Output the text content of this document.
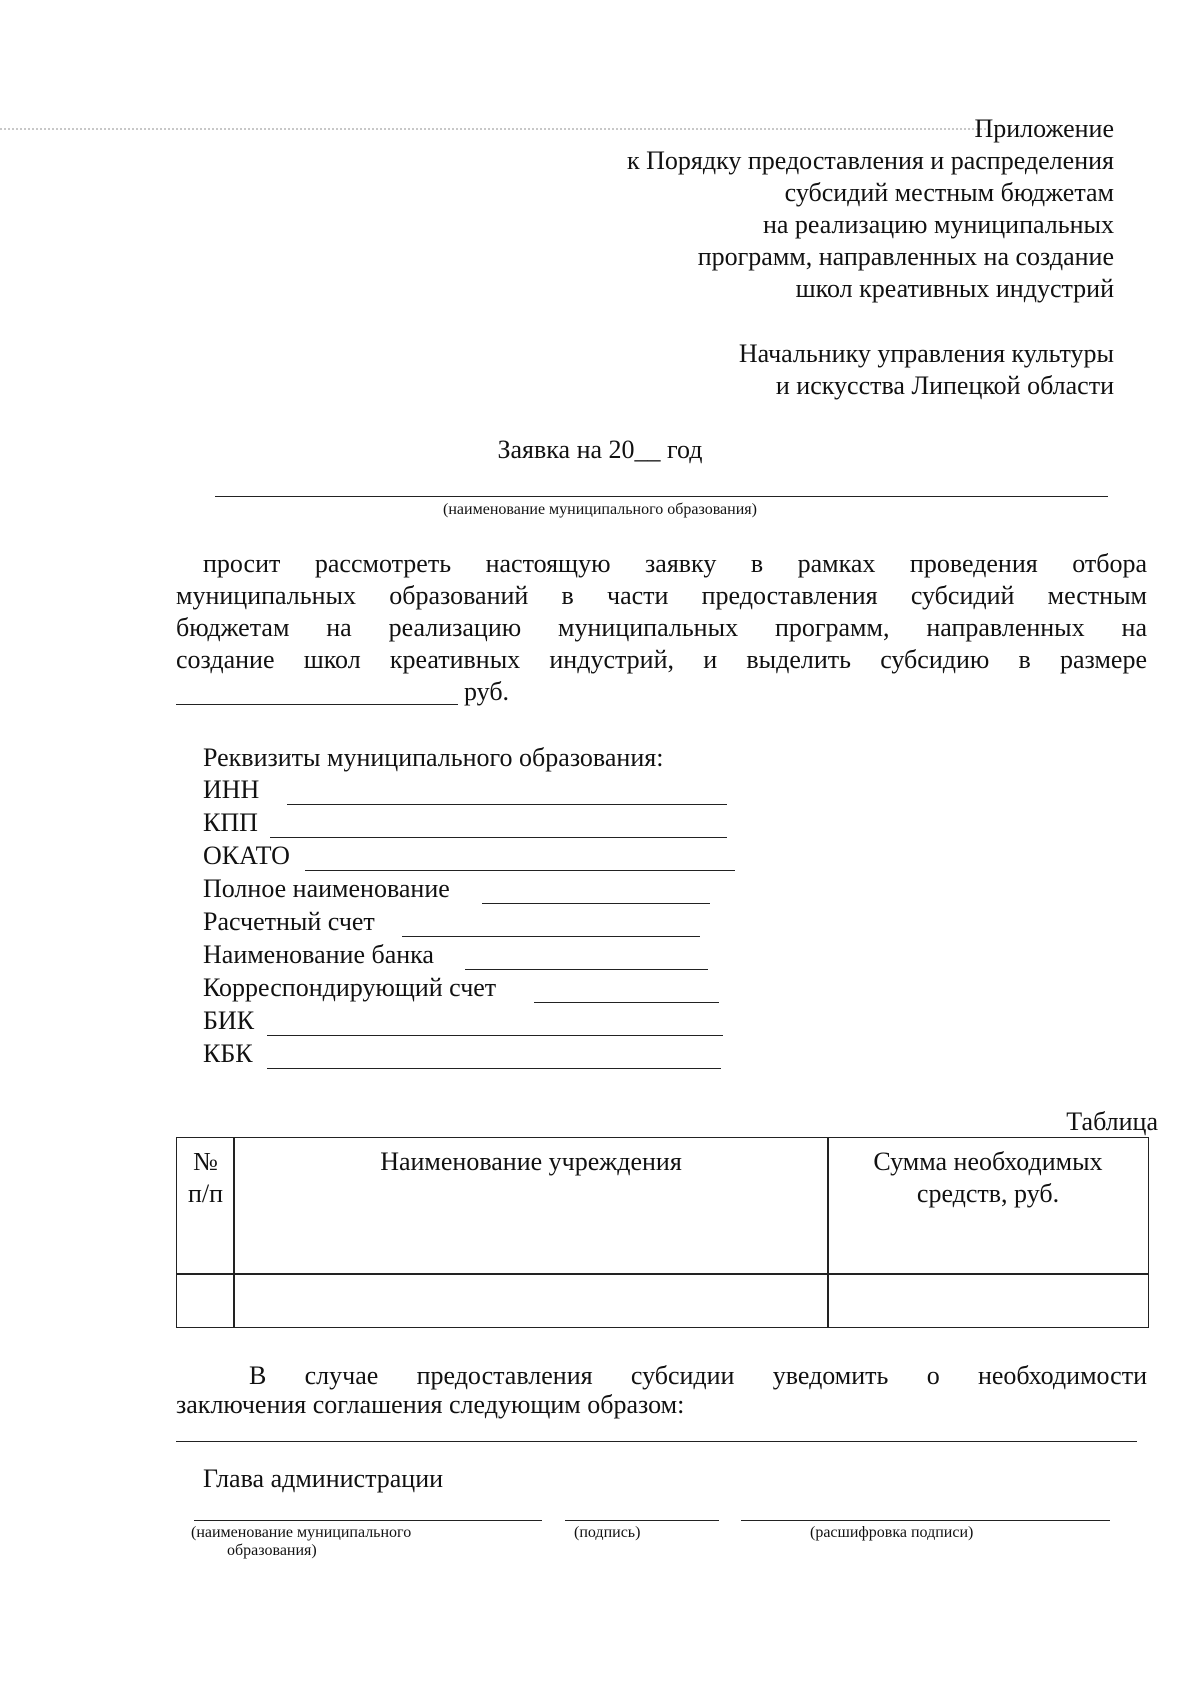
Приложение
к Порядку предоставления и распределения
субсидий местным бюджетам
на реализацию муниципальных
программ, направленных на создание
школ креативных индустрий
Начальнику управления культуры
и искусства Липецкой области
Заявка на 20__ год
(наименование муниципального образования)
просит рассмотреть настоящую заявку в рамках проведения отбора
муниципальных образований в части предоставления субсидий местным
бюджетам на реализацию муниципальных программ, направленных на
создание школ креативных индустрий, и выделить субсидию в размере
руб.
Реквизиты муниципального образования:
ИНН
КПП
ОКАТО
Полное наименование
Расчетный счет
Наименование банка
Корреспондирующий счет
БИК
КБК
Таблица
№
п/п
Наименование учреждения	Сумма необходимых
средств, руб.
В случае предоставления субсидии уведомить о необходимости
заключения соглашения следующим образом:
Глава администрации
(наименование муниципального
образования)
(подпись)	(расшифровка подписи)
